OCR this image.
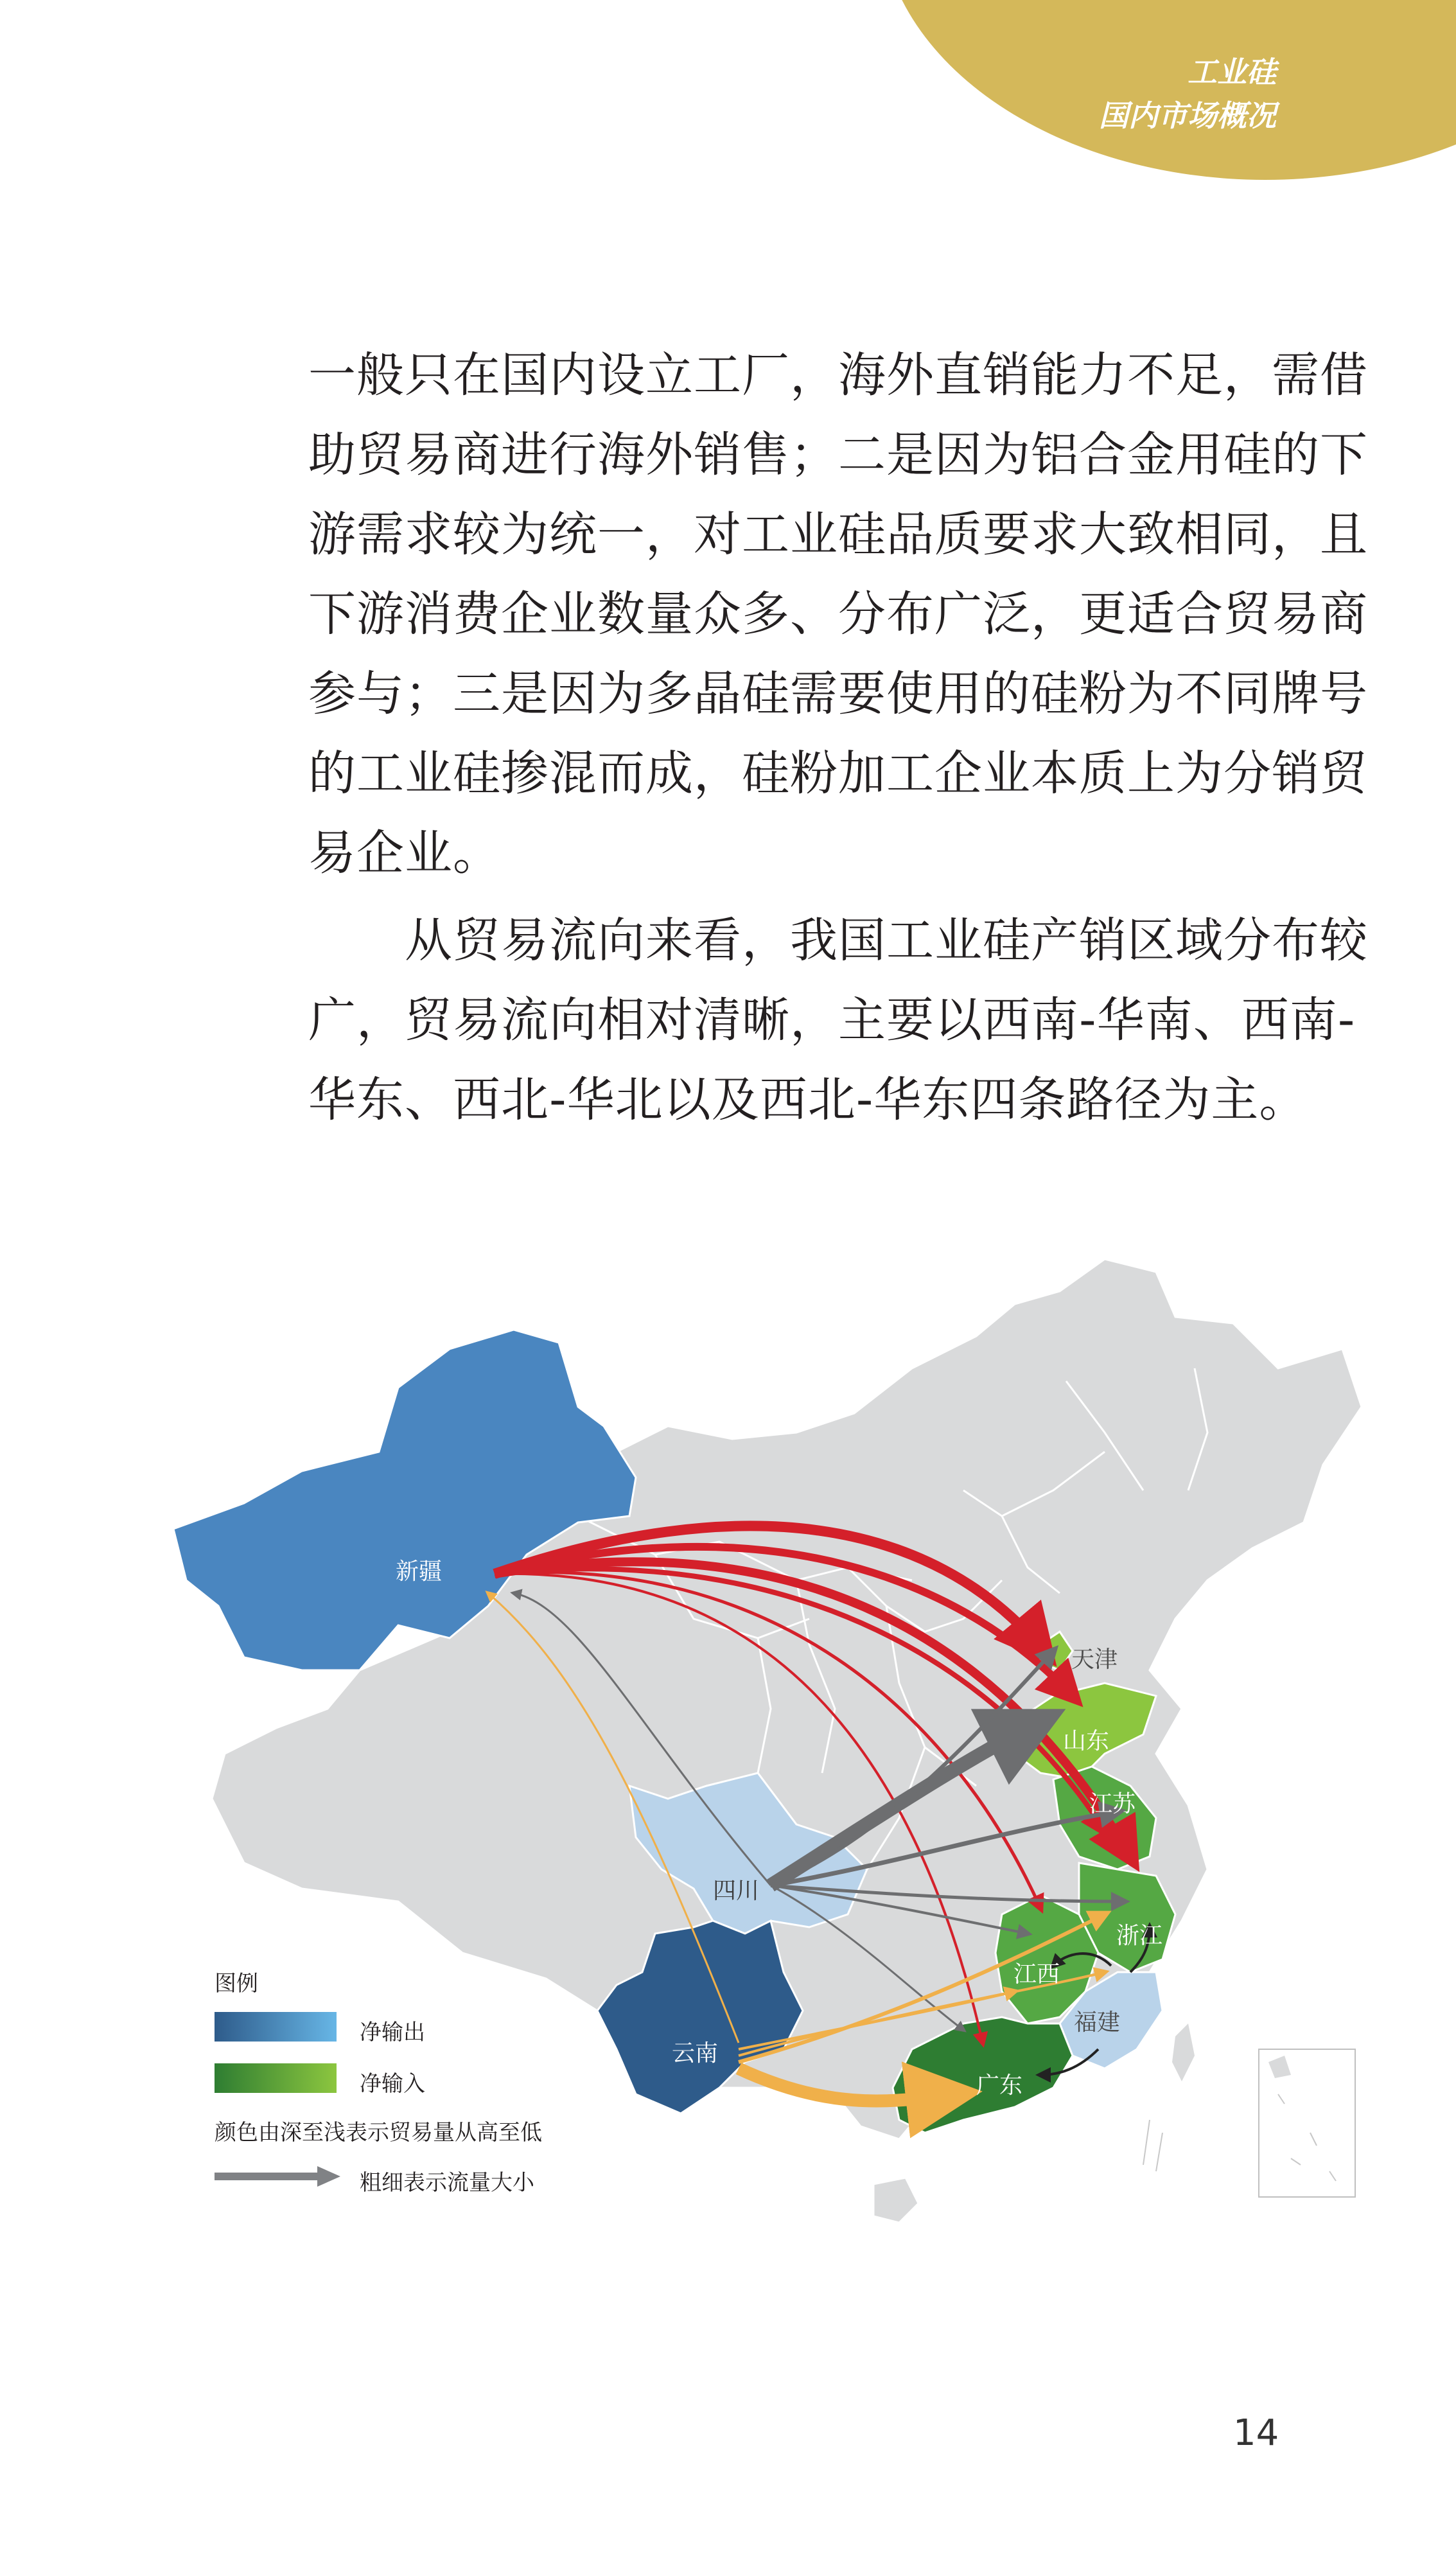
工业硅
国内市场概况

一般只在国内设立工厂，海外直销能力不足，需借

助贸易商进行海外销售；二是因为铝合金用硅的下

游需求较为统一，对工业硅品质要求大致相同，且

下游消费企业数量众多、分布广泛，更适合贸易商

参与；三是因为多晶硅需要使用的硅粉为不同牌号

的工业硅掺混而成，硅粉加工企业本质上为分销贸

易企业。

　　从贸易流向来看，我国工业硅产销区域分布较

广，贸易流向相对清晰，主要以西南-华南、西南-

华东、西北-华北以及西北-华东四条路径为主。

新疆
四川
云南
天津
山东
江苏
浙江
江西
福建
广东
图例
净输出
净输入
颜色由深至浅表示贸易量从高至低
粗细表示流量大小
14
